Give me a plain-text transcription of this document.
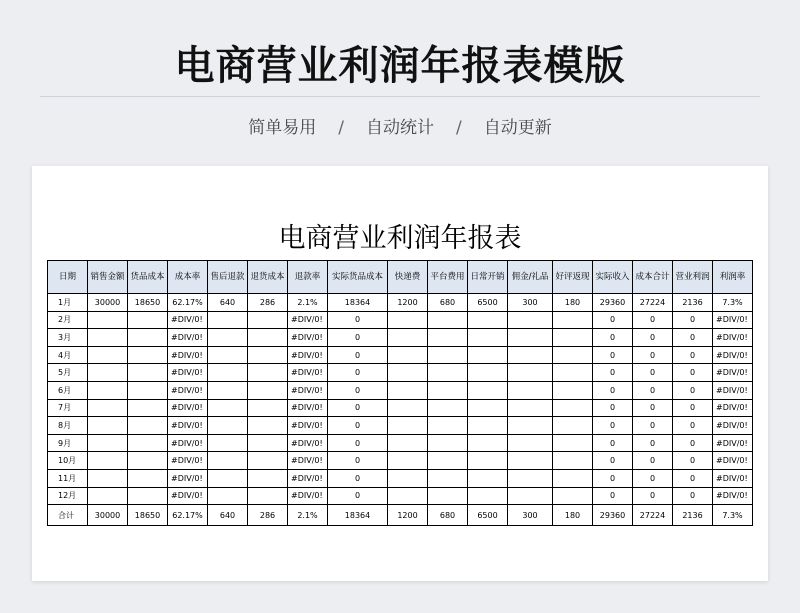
电商营业利润年报表模版
简单易用 / 自动统计 / 自动更新
电商营业利润年报表
日期	销售金额	货品成本	成本率	售后退款	退货成本	退款率	实际货品成本	快递费	平台费用	日常开销	佣金/礼品	好评返现	实际收入	成本合计	营业利润	利润率
1月	30000	18650	62.17%	640	286	2.1%	18364	1200	680	6500	300	180	29360	27224	2136	7.3%
2月			#DIV/0!			#DIV/0!	0						0	0	0	#DIV/0!
3月			#DIV/0!			#DIV/0!	0						0	0	0	#DIV/0!
4月			#DIV/0!			#DIV/0!	0						0	0	0	#DIV/0!
5月			#DIV/0!			#DIV/0!	0						0	0	0	#DIV/0!
6月			#DIV/0!			#DIV/0!	0						0	0	0	#DIV/0!
7月			#DIV/0!			#DIV/0!	0						0	0	0	#DIV/0!
8月			#DIV/0!			#DIV/0!	0						0	0	0	#DIV/0!
9月			#DIV/0!			#DIV/0!	0						0	0	0	#DIV/0!
10月			#DIV/0!			#DIV/0!	0						0	0	0	#DIV/0!
11月			#DIV/0!			#DIV/0!	0						0	0	0	#DIV/0!
12月			#DIV/0!			#DIV/0!	0						0	0	0	#DIV/0!
合计	30000	18650	62.17%	640	286	2.1%	18364	1200	680	6500	300	180	29360	27224	2136	7.3%
